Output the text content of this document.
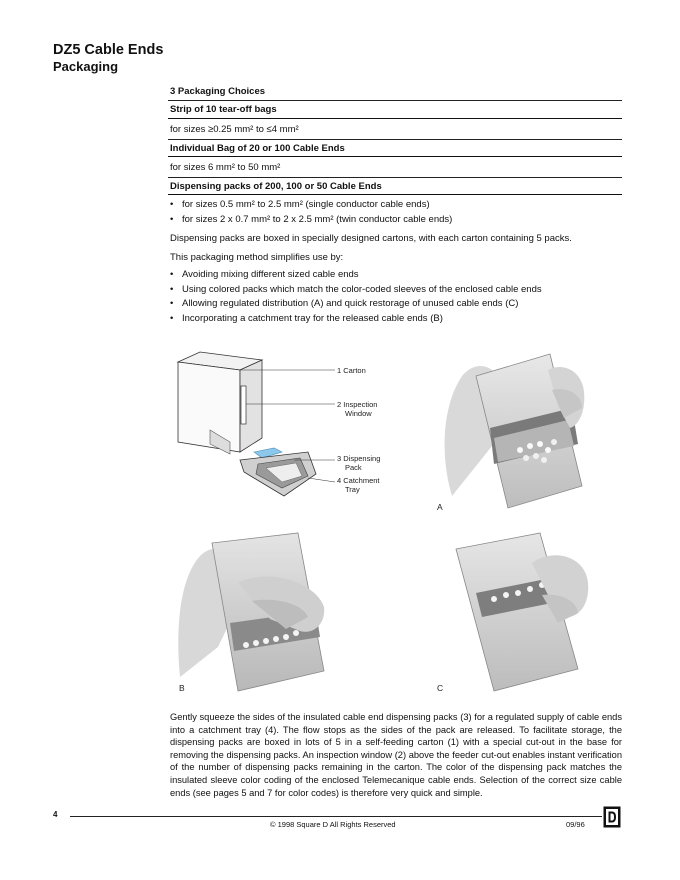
DZ5 Cable Ends
Packaging
3 Packaging Choices
Strip of 10 tear-off bags
for sizes ≥0.25 mm² to ≤4 mm²
Individual Bag of 20 or 100 Cable Ends
for sizes 6 mm² to 50 mm²
Dispensing packs of 200, 100 or 50 Cable Ends
• for sizes 0.5 mm² to 2.5 mm² (single conductor cable ends)
• for sizes 2 x 0.7 mm² to 2 x 2.5 mm² (twin conductor cable ends)
Dispensing packs are boxed in specially designed cartons, with each carton containing 5 packs.
This packaging method simplifies use by:
• Avoiding mixing different sized cable ends
• Using colored packs which match the color-coded sleeves of the enclosed cable ends
• Allowing regulated distribution (A) and quick restorage of unused cable ends (C)
• Incorporating a catchment tray for the released cable ends (B)
1 Carton
2 Inspection
Window
3 Dispensing
Pack
4 Catchment
Tray
A
B	C
Gently squeeze the sides of the insulated cable end dispensing packs (3) for a regulated supply of cable ends into a catchment tray (4). The flow stops as the sides of the pack are released. To facilitate storage, the dispensing packs are boxed in lots of 5 in a self-feeding carton (1) with a special cut-out in the base for removing the dispensing packs. An inspection window (2) above the feeder cut-out enables instant verification of the number of dispensing packs remaining in the carton. The color of the dispensing pack matches the insulated sleeve color coding of the enclosed Telemecanique cable ends. Selection of the correct size cable ends (see pages 5 and 7 for color codes) is therefore very quick and simple.
4
© 1998 Square D All Rights Reserved	09/96
